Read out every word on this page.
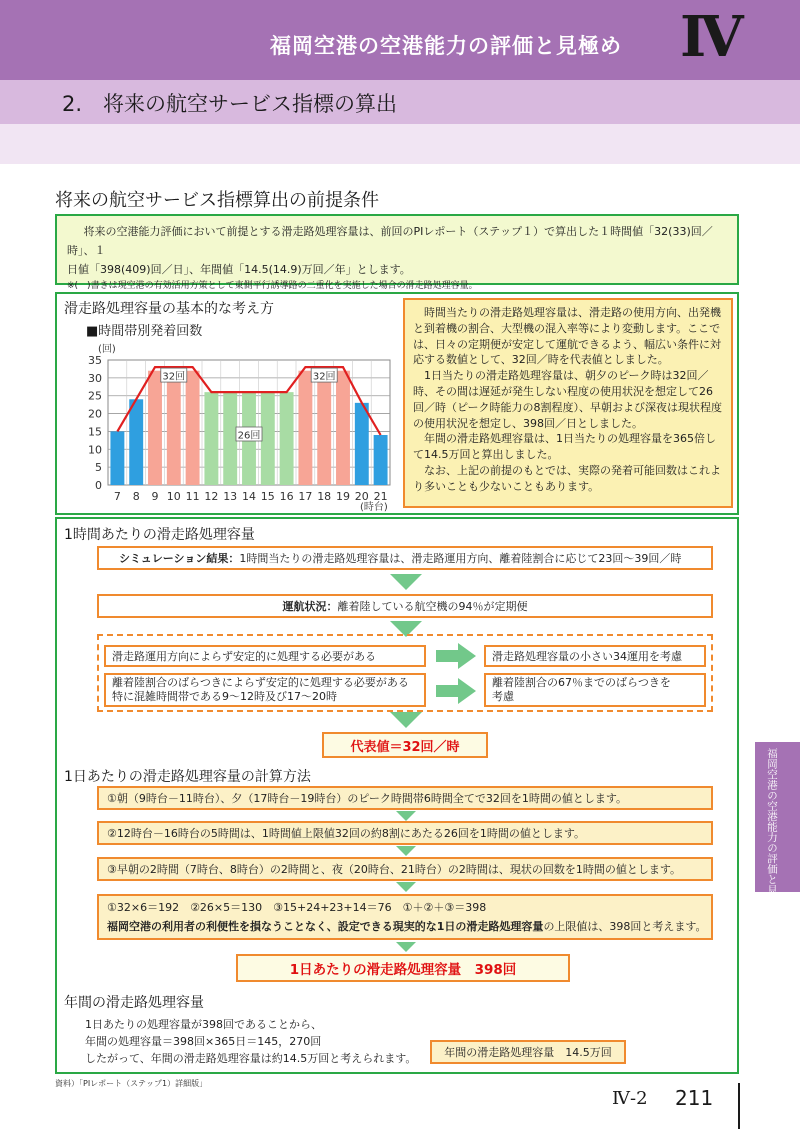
福岡空港の空港能力の評価と見極め Ⅳ
2.　将来の航空サービス指標の算出
将来の航空サービス指標算出の前提条件
将来の空港能力評価において前提とする滑走路処理容量は、前回のPIレポート（ステップ１）で算出した１時間値「32(33)回／時」、１
日値「398(409)回／日」、年間値「14.5(14.9)万回／年」とします。
※(　)書きは現空港の有効活用方策として東側平行誘導路の二重化を実施した場合の滑走路処理容量。
滑走路処理容量の基本的な考え方
■時間帯別発着回数
7 8 9 10 11 12 13 14 15 16 17 18 19 20 21
0
5
10
15
20
25
30
35
(回)
(時台)
32回
26回
32回

時間当たりの滑走路処理容量は、滑走路の使用方向、出発機と到着機の割合、大型機の混入率等により変動します。ここでは、日々の定期便が安定して運航できるよう、幅広い条件に対応する数値として、32回／時を代表値としました。

1日当たりの滑走路処理容量は、朝夕のピーク時は32回／時、その間は遅延が発生しない程度の使用状況を想定して26回／時（ピーク時能力の8割程度）、早朝および深夜は現状程度の使用状況を想定し、398回／日としました。

年間の滑走路処理容量は、1日当たりの処理容量を365倍して14.5万回と算出しました。

なお、上記の前提のもとでは、実際の発着可能回数はこれより多いことも少ないこともあります。

1時間あたりの滑走路処理容量
シミュレーション結果： 1時間当たりの滑走路処理容量は、滑走路運用方向、離着陸割合に応じて23回～39回／時
運航状況： 離着陸している航空機の94％が定期便
滑走路運用方向によらず安定的に処理する必要がある	滑走路処理容量の小さい34運用を考慮
離着陸割合のばらつきによらず安定的に処理する必要がある
特に混雑時間帯である9～12時及び17～20時
離着陸割合の67％までのばらつきを
考慮
代表値＝32回／時
1日あたりの滑走路処理容量の計算方法
①朝（9時台－11時台）、夕（17時台－19時台）のピーク時間帯6時間全てで32回を1時間の値とします。
②12時台－16時台の5時間は、1時間値上限値32回の約8割にあたる26回を1時間の値とします。
③早朝の2時間（7時台、8時台）の2時間と、夜（20時台、21時台）の2時間は、現状の回数を1時間の値とします。
①32×6＝192　②26×5＝130　③15+24+23+14＝76　①＋②＋③＝398
福岡空港の利用者の利便性を損なうことなく、設定できる現実的な1日の滑走路処理容量の上限値は、398回と考えます。
1日あたりの滑走路処理容量　398回
年間の滑走路処理容量
1日あたりの処理容量が398回であることから、
年間の処理容量＝398回×365日＝145，270回
したがって、年間の滑走路処理容量は約14.5万回と考えられます。	年間の滑走路処理容量　14.5万回
資料）「PIレポート（ステップ1）詳細版」
福岡空港の空港能力の評価と見極め
Ⅳ-2 211
